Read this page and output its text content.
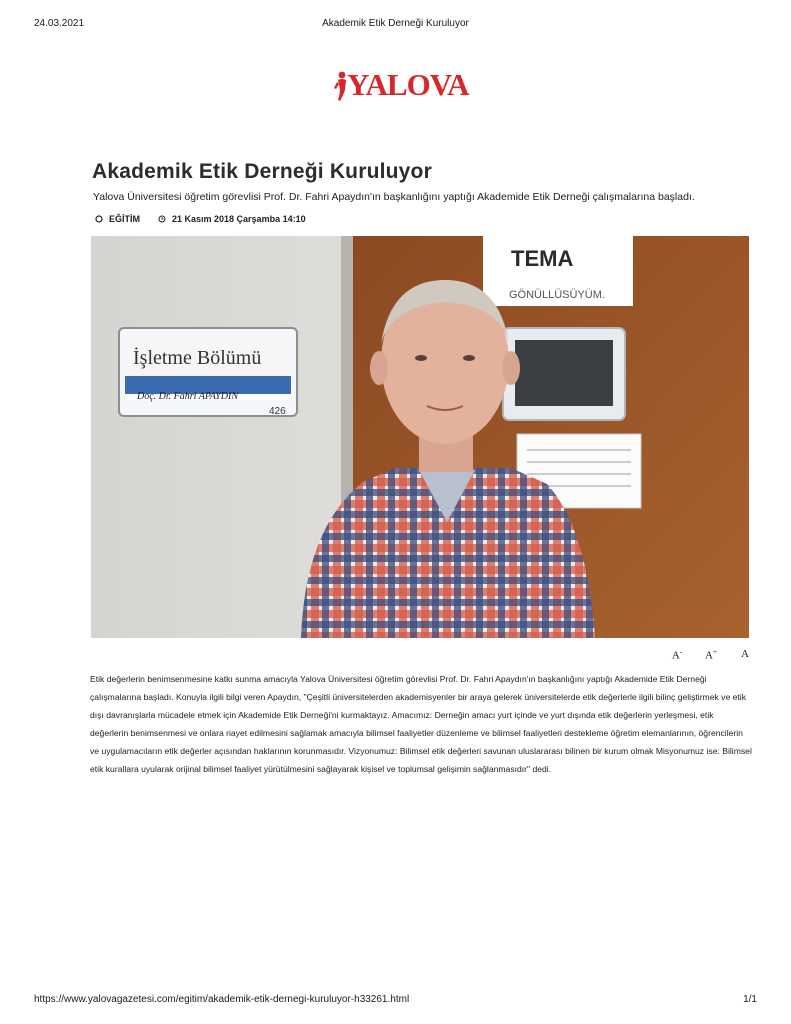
24.03.2021	Akademik Etik Derneği Kuruluyor
YALOVA
Akademik Etik Derneği Kuruluyor
Yalova Üniversitesi öğretim görevlisi Prof. Dr. Fahri Apaydın'ın başkanlığını yaptığı Akademide Etik Derneği çalışmalarına başladı.
EĞİTİM	21 Kasım 2018 Çarşamba 14:10
İşletme Bölümü
Doç. Dr. Fahri APAYDIN
426
TEMA
GÖNÜLLÜSÜYÜM.
A-	A+	A

Etik değerlerin benimsenmesine katkı sunma amacıyla Yalova Üniversitesi öğretim görevlisi Prof. Dr. Fahri Apaydın'ın başkanlığını yaptığı Akademide Etik Derneği çalışmalarına başladı. Konuyla ilgili bilgi veren Apaydın, "Çeşitli üniversitelerden akademisyenler bir araya gelerek üniversitelerde etik değerlerle ilgili bilinç geliştirmek ve etik dışı davranışlarla mücadele etmek için Akademide Etik Derneği'ni kurmaktayız. Amacımız: Derneğin amacı yurt içinde ve yurt dışında etik değerlerin yerleşmesi, etik değerlerin benimsenmesi ve onlara riayet edilmesini sağlamak amacıyla bilimsel faaliyetler düzenleme ve bilimsel faaliyetleri destekleme öğretim elemanlarının, öğrencilerin ve uygulamacıların etik değerler açısından haklarının korunmasıdır. Vizyonumuz: Bilimsel etik değerleri savunan uluslararası bilinen bir kurum olmak Misyonumuz ise: Bilimsel etik kurallara uyularak orijinal bilimsel faaliyet yürütülmesini sağlayarak kişisel ve toplumsal gelişimin sağlanmasıdır" dedi.

https://www.yalovagazetesi.com/egitim/akademik-etik-dernegi-kuruluyor-h33261.html	1/1
